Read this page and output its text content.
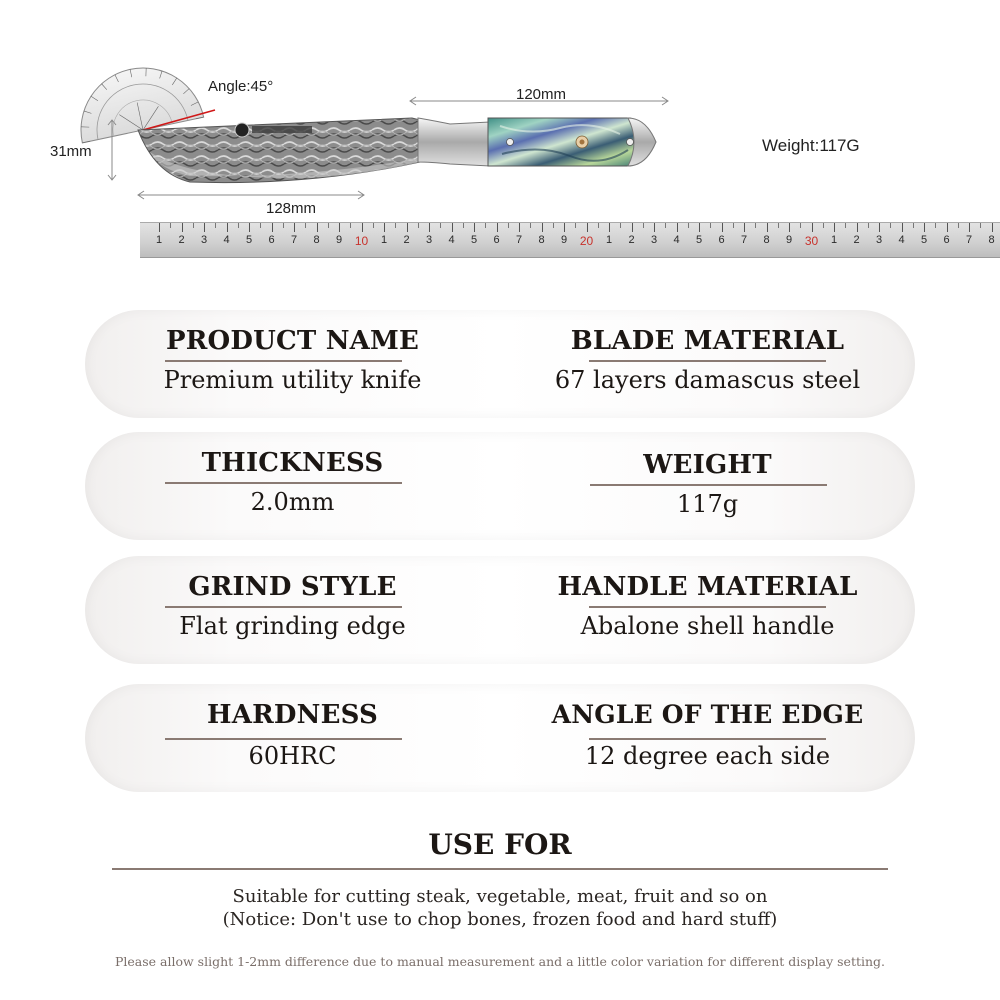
Angle:45°
31mm
120mm
Weight:117G
128mm
1 2 3 4 5 6 7 8 9 10 1 2 3 4 5 6 7 8 9 20 1 2 3 4 5 6 7 8 9 30 1 2 3 4 5 6 7 8
PRODUCT NAME
Premium utility knife
BLADE MATERIAL
67 layers damascus steel
THICKNESS
2.0mm
WEIGHT
117g
GRIND STYLE
Flat grinding edge
HANDLE MATERIAL
Abalone shell handle
HARDNESS
60HRC
ANGLE OF THE EDGE
12 degree each side
USE FOR
Suitable for cutting steak, vegetable, meat, fruit and so on
(Notice: Don't use to chop bones, frozen food and hard stuff)
Please allow slight 1-2mm difference due to manual measurement and a little color variation for different display setting.
